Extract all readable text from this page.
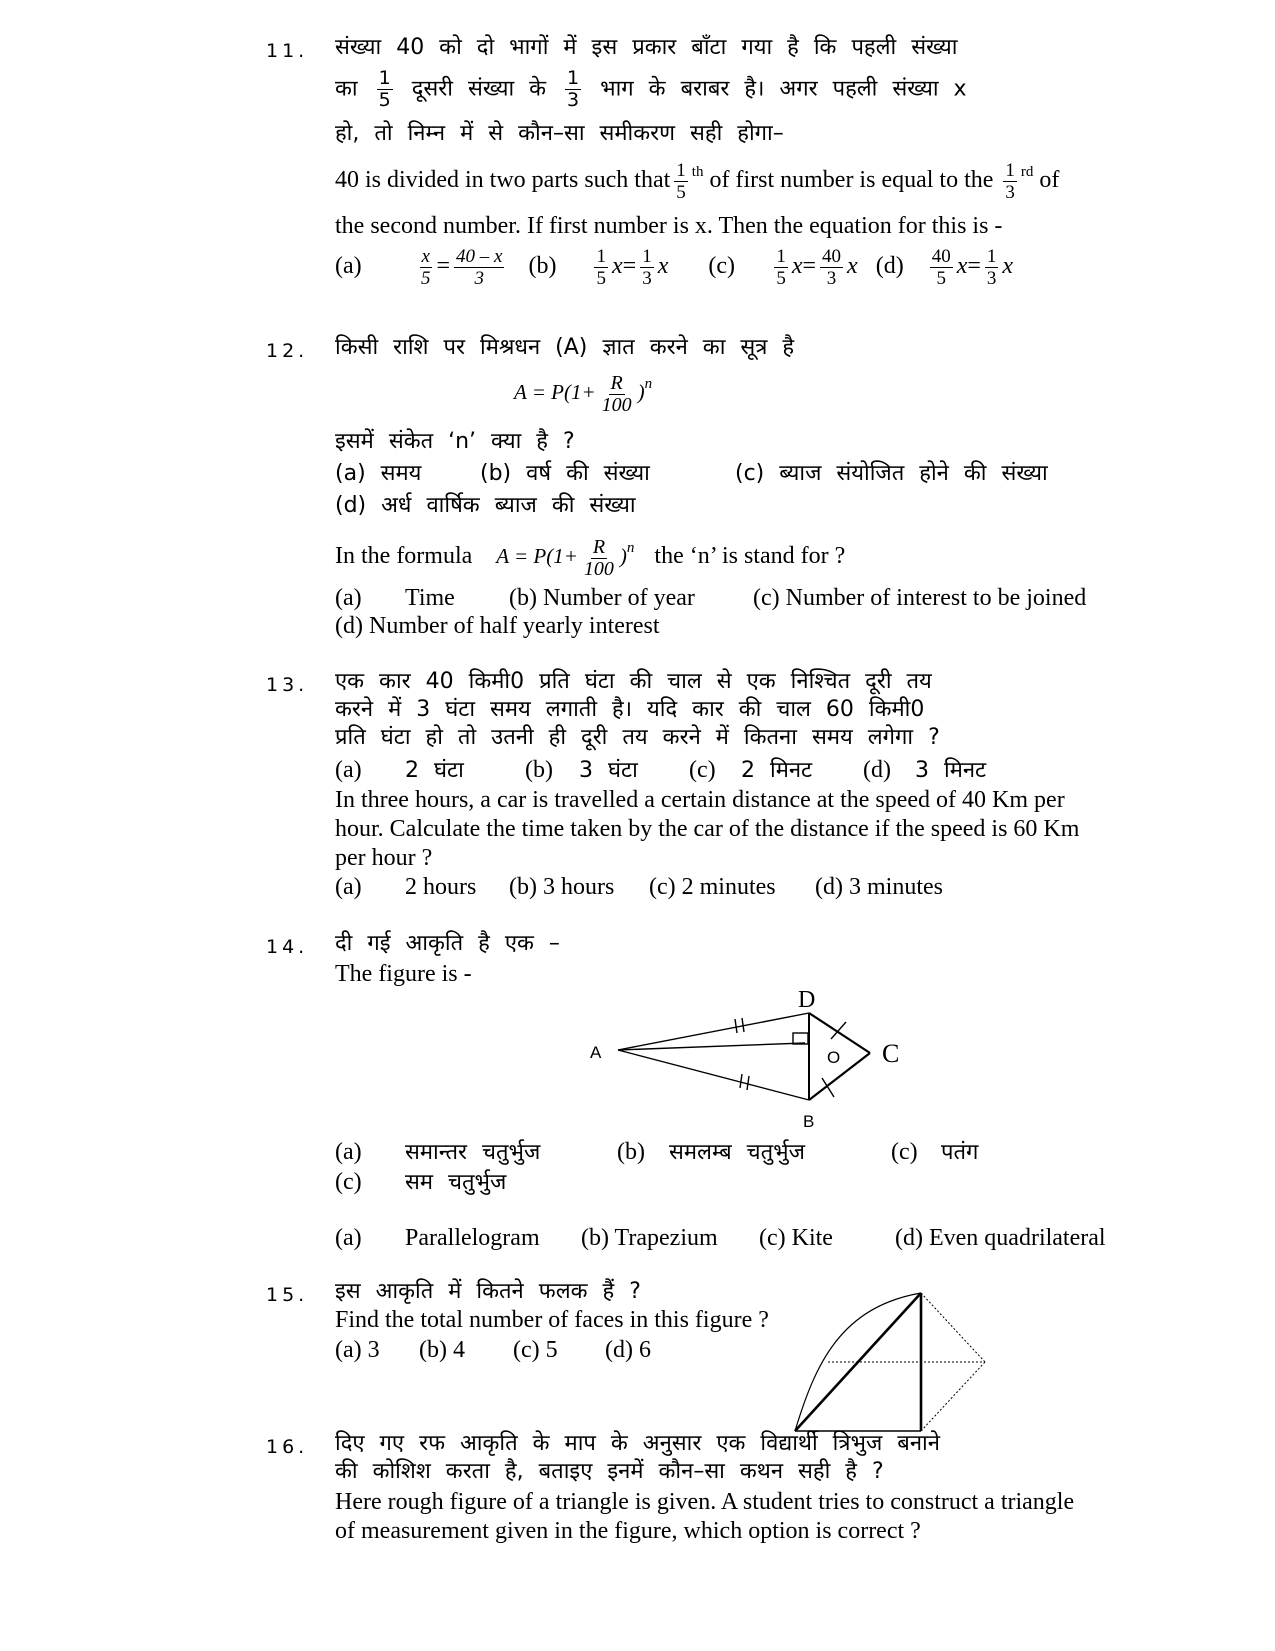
11. संख्या 40 को दो भागों में इस प्रकार बाँटा गया है कि पहली संख्या
का $\frac{1}{5}$ दूसरी संख्या के $\frac{1}{3}$ भाग के बराबर है। अगर पहली संख्या x
हो, तो निम्न में से कौन–सा समीकरण सही होगा–
40 is divided in two parts such that $\frac{1}{5} ^{th}$ of first number is equal to the $\frac{1}{3} ^{rd}$ of
the second number. If first number is x. Then the equation for this is -
(a)	$\frac{x}{5} = \frac{40 - x}{3} (b) \frac{1}{5} x= \frac{1}{3}$ x $(c) \frac{1}{5} x= \frac{40}{3}$ x $(d) \frac{40}{5} x= \frac{1}{3}$ x
12. किसी राशि पर मिश्रधन (A) ज्ञात करने का सूत्र है
$A = P(1+ \frac{R}{100} )^n$
इसमें संकेत ‘n’ क्या है ?
(a) समय	(b) वर्ष की संख्या	(c) ब्याज संयोजित होने की संख्या
(d) अर्ध वार्षिक ब्याज की संख्या
In the formula $A = P(1+ \frac{R}{100} )^n$ the ‘n’ is stand for ?
(a) Time (b) Number of year (c) Number of interest to be joined
(d) Number of half yearly interest
13. एक कार 40 किमी0 प्रति घंटा की चाल से एक निश्चित दूरी तय
करने में 3 घंटा समय लगाती है। यदि कार की चाल 60 किमी0
प्रति घंटा हो तो उतनी ही दूरी तय करने में कितना समय लगेगा ?
(a) 2 घंटा	(b) 3 घंटा (c) 2 मिनट (d) 3 मिनट
In three hours, a car is travelled a certain distance at the speed of 40 Km per
hour. Calculate the time taken by the car of the distance if the speed is 60 Km
per hour ?
(a) 2 hours (b) 3 hours (c) 2 minutes (d) 3 minutes
14. दी गई आकृति है एक –
The figure is -
D
A	O C
B
(a) समान्तर चतुर्भुज	(b) समलम्ब चतुर्भुज	(c) पतंग
(c) सम चतुर्भुज
(a) Parallelogram (b) Trapezium (c) Kite	(d) Even quadrilateral
15. इस आकृति में कितने फलक हैं ?
Find the total number of faces in this figure ?
(a) 3 (b) 4 (c) 5 (d) 6
16. दिए गए रफ आकृति के माप के अनुसार एक विद्यार्थी त्रिभुज बनाने
की कोशिश करता है, बताइए इनमें कौन–सा कथन सही है ?
Here rough figure of a triangle is given. A student tries to construct a triangle
of measurement given in the figure, which option is correct ?
